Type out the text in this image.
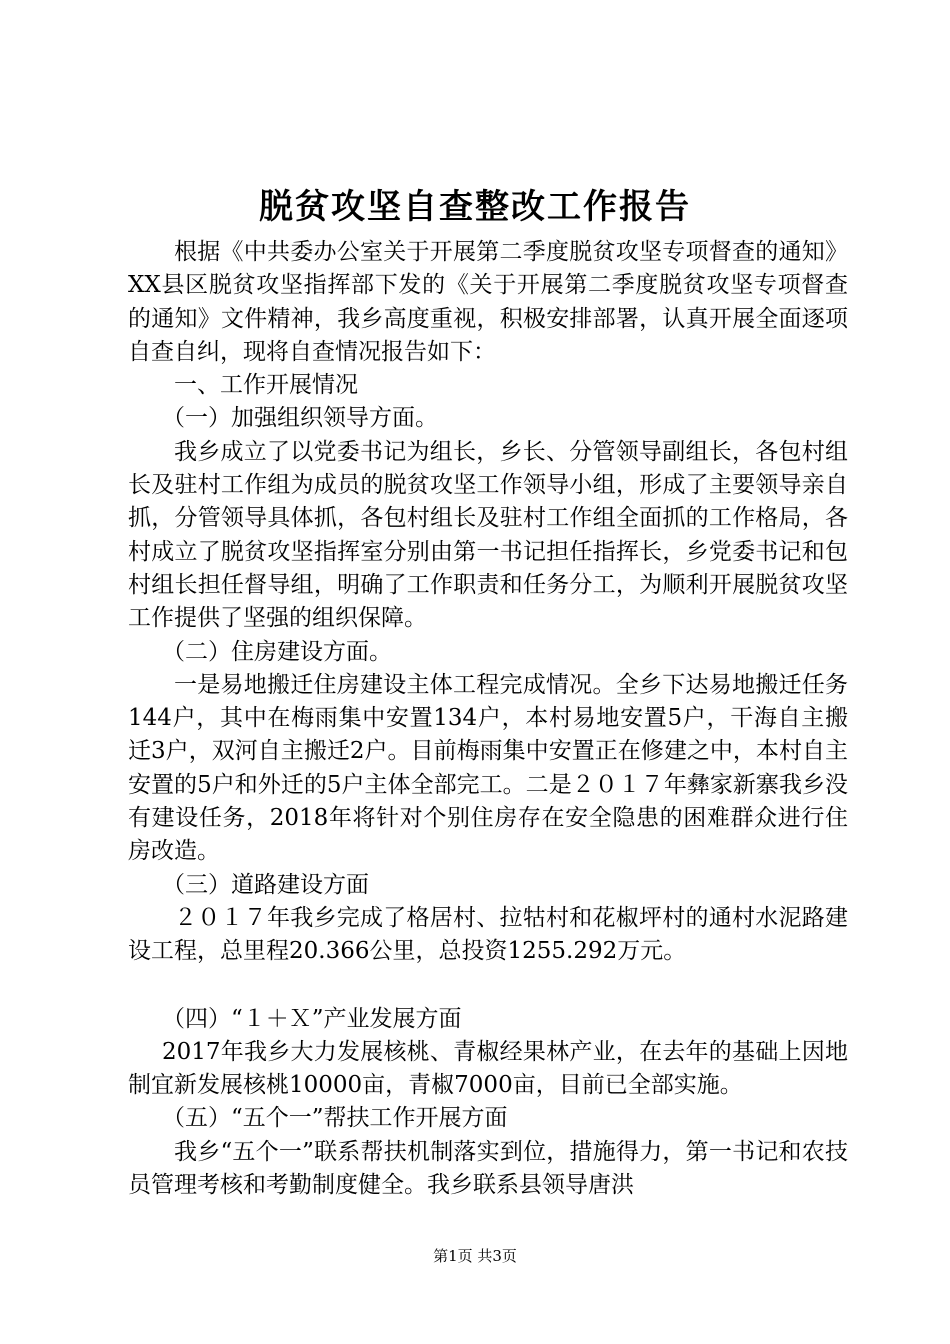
脱贫攻坚自查整改工作报告

根据《中共委办公室关于开展第二季度脱贫攻坚专项督查的通知》XX县区脱贫攻坚指挥部下发的《关于开展第二季度脱贫攻坚专项督查的通知》文件精神，我乡高度重视，积极安排部署，认真开展全面逐项自查自纠，现将自查情况报告如下：

一、工作开展情况

（一）加强组织领导方面。

我乡成立了以党委书记为组长，乡长、分管领导副组长，各包村组长及驻村工作组为成员的脱贫攻坚工作领导小组，形成了主要领导亲自抓，分管领导具体抓，各包村组长及驻村工作组全面抓的工作格局，各村成立了脱贫攻坚指挥室分别由第一书记担任指挥长，乡党委书记和包村组长担任督导组，明确了工作职责和任务分工，为顺利开展脱贫攻坚工作提供了坚强的组织保障。

（二）住房建设方面。

一是易地搬迁住房建设主体工程完成情况。全乡下达易地搬迁任务144户，其中在梅雨集中安置134户，本村易地安置5户，干海自主搬迁3户，双河自主搬迁2户。目前梅雨集中安置正在修建之中，本村自主安置的5户和外迁的5户主体全部完工。二是２０１７年彝家新寨我乡没有建设任务，2018年将针对个别住房存在安全隐患的困难群众进行住房改造。

（三）道路建设方面

２０１７年我乡完成了格居村、拉牯村和花椒坪村的通村水泥路建设工程，总里程20.366公里，总投资1255.292万元。

（四）“１＋Ｘ”产业发展方面

2017年我乡大力发展核桃、青椒经果林产业，在去年的基础上因地制宜新发展核桃10000亩，青椒7000亩，目前已全部实施。

（五）“五个一”帮扶工作开展方面

我乡“五个一”联系帮扶机制落实到位，措施得力，第一书记和农技员管理考核和考勤制度健全。我乡联系县领导唐洪

第1页 共3页
